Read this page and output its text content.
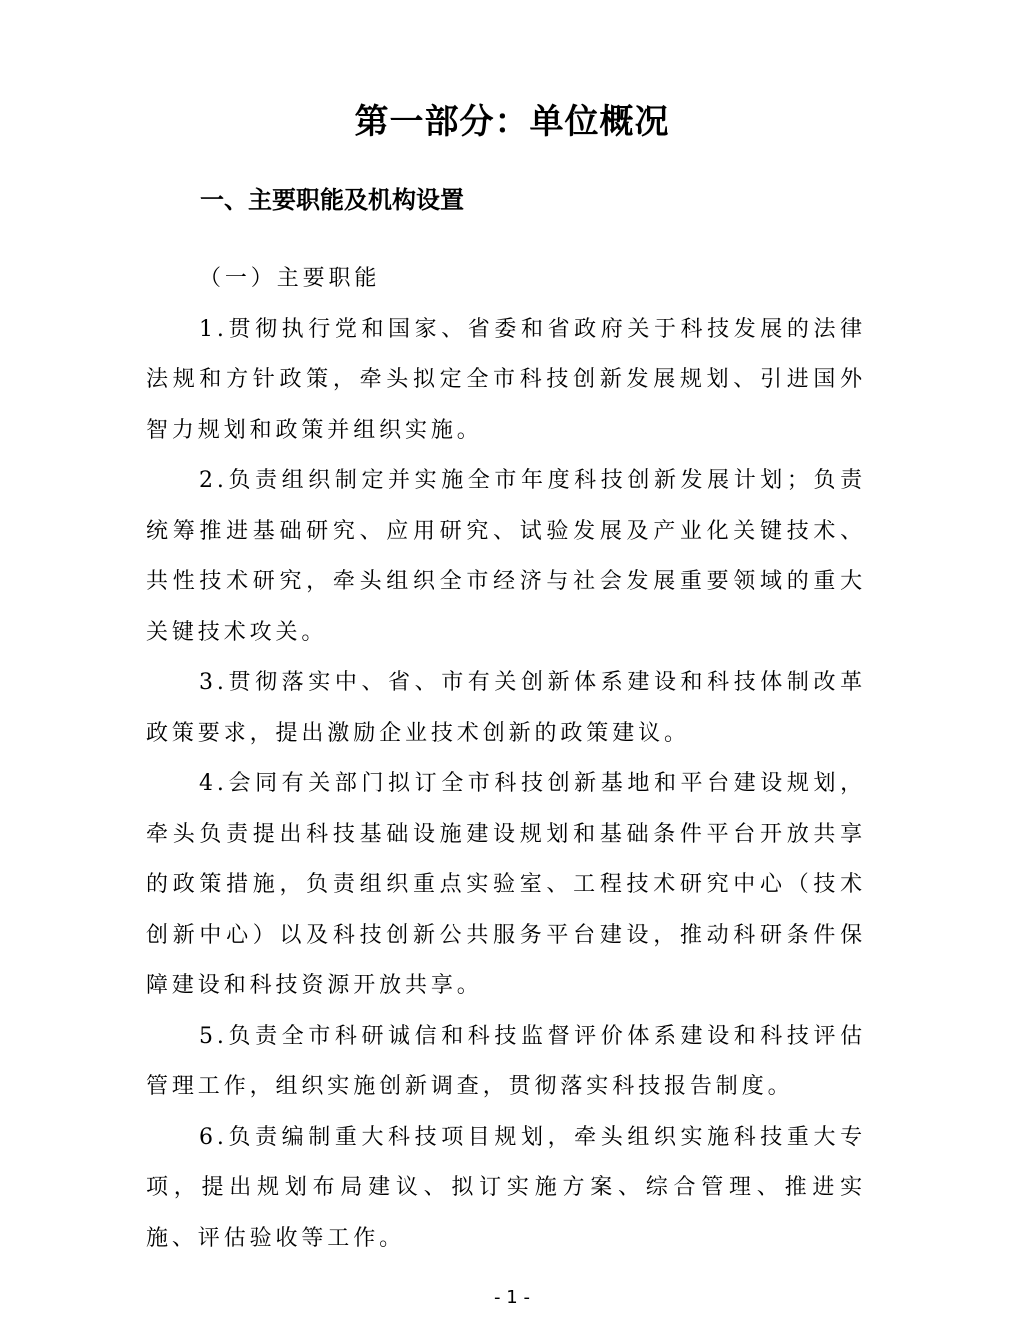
第一部分：单位概况
一、主要职能及机构设置

（一）主要职能

1.贯彻执行党和国家、省委和省政府关于科技发展的法律法规和方针政策，牵头拟定全市科技创新发展规划、引进国外智力规划和政策并组织实施。

2.负责组织制定并实施全市年度科技创新发展计划；负责统筹推进基础研究、应用研究、试验发展及产业化关键技术、共性技术研究，牵头组织全市经济与社会发展重要领域的重大关键技术攻关。

3.贯彻落实中、省、市有关创新体系建设和科技体制改革政策要求，提出激励企业技术创新的政策建议。

4.会同有关部门拟订全市科技创新基地和平台建设规划，牵头负责提出科技基础设施建设规划和基础条件平台开放共享的政策措施，负责组织重点实验室、工程技术研究中心（技术创新中心）以及科技创新公共服务平台建设，推动科研条件保障建设和科技资源开放共享。

5.负责全市科研诚信和科技监督评价体系建设和科技评估管理工作，组织实施创新调查，贯彻落实科技报告制度。

6.负责编制重大科技项目规划，牵头组织实施科技重大专项，提出规划布局建议、拟订实施方案、综合管理、推进实施、评估验收等工作。

- 1 -
